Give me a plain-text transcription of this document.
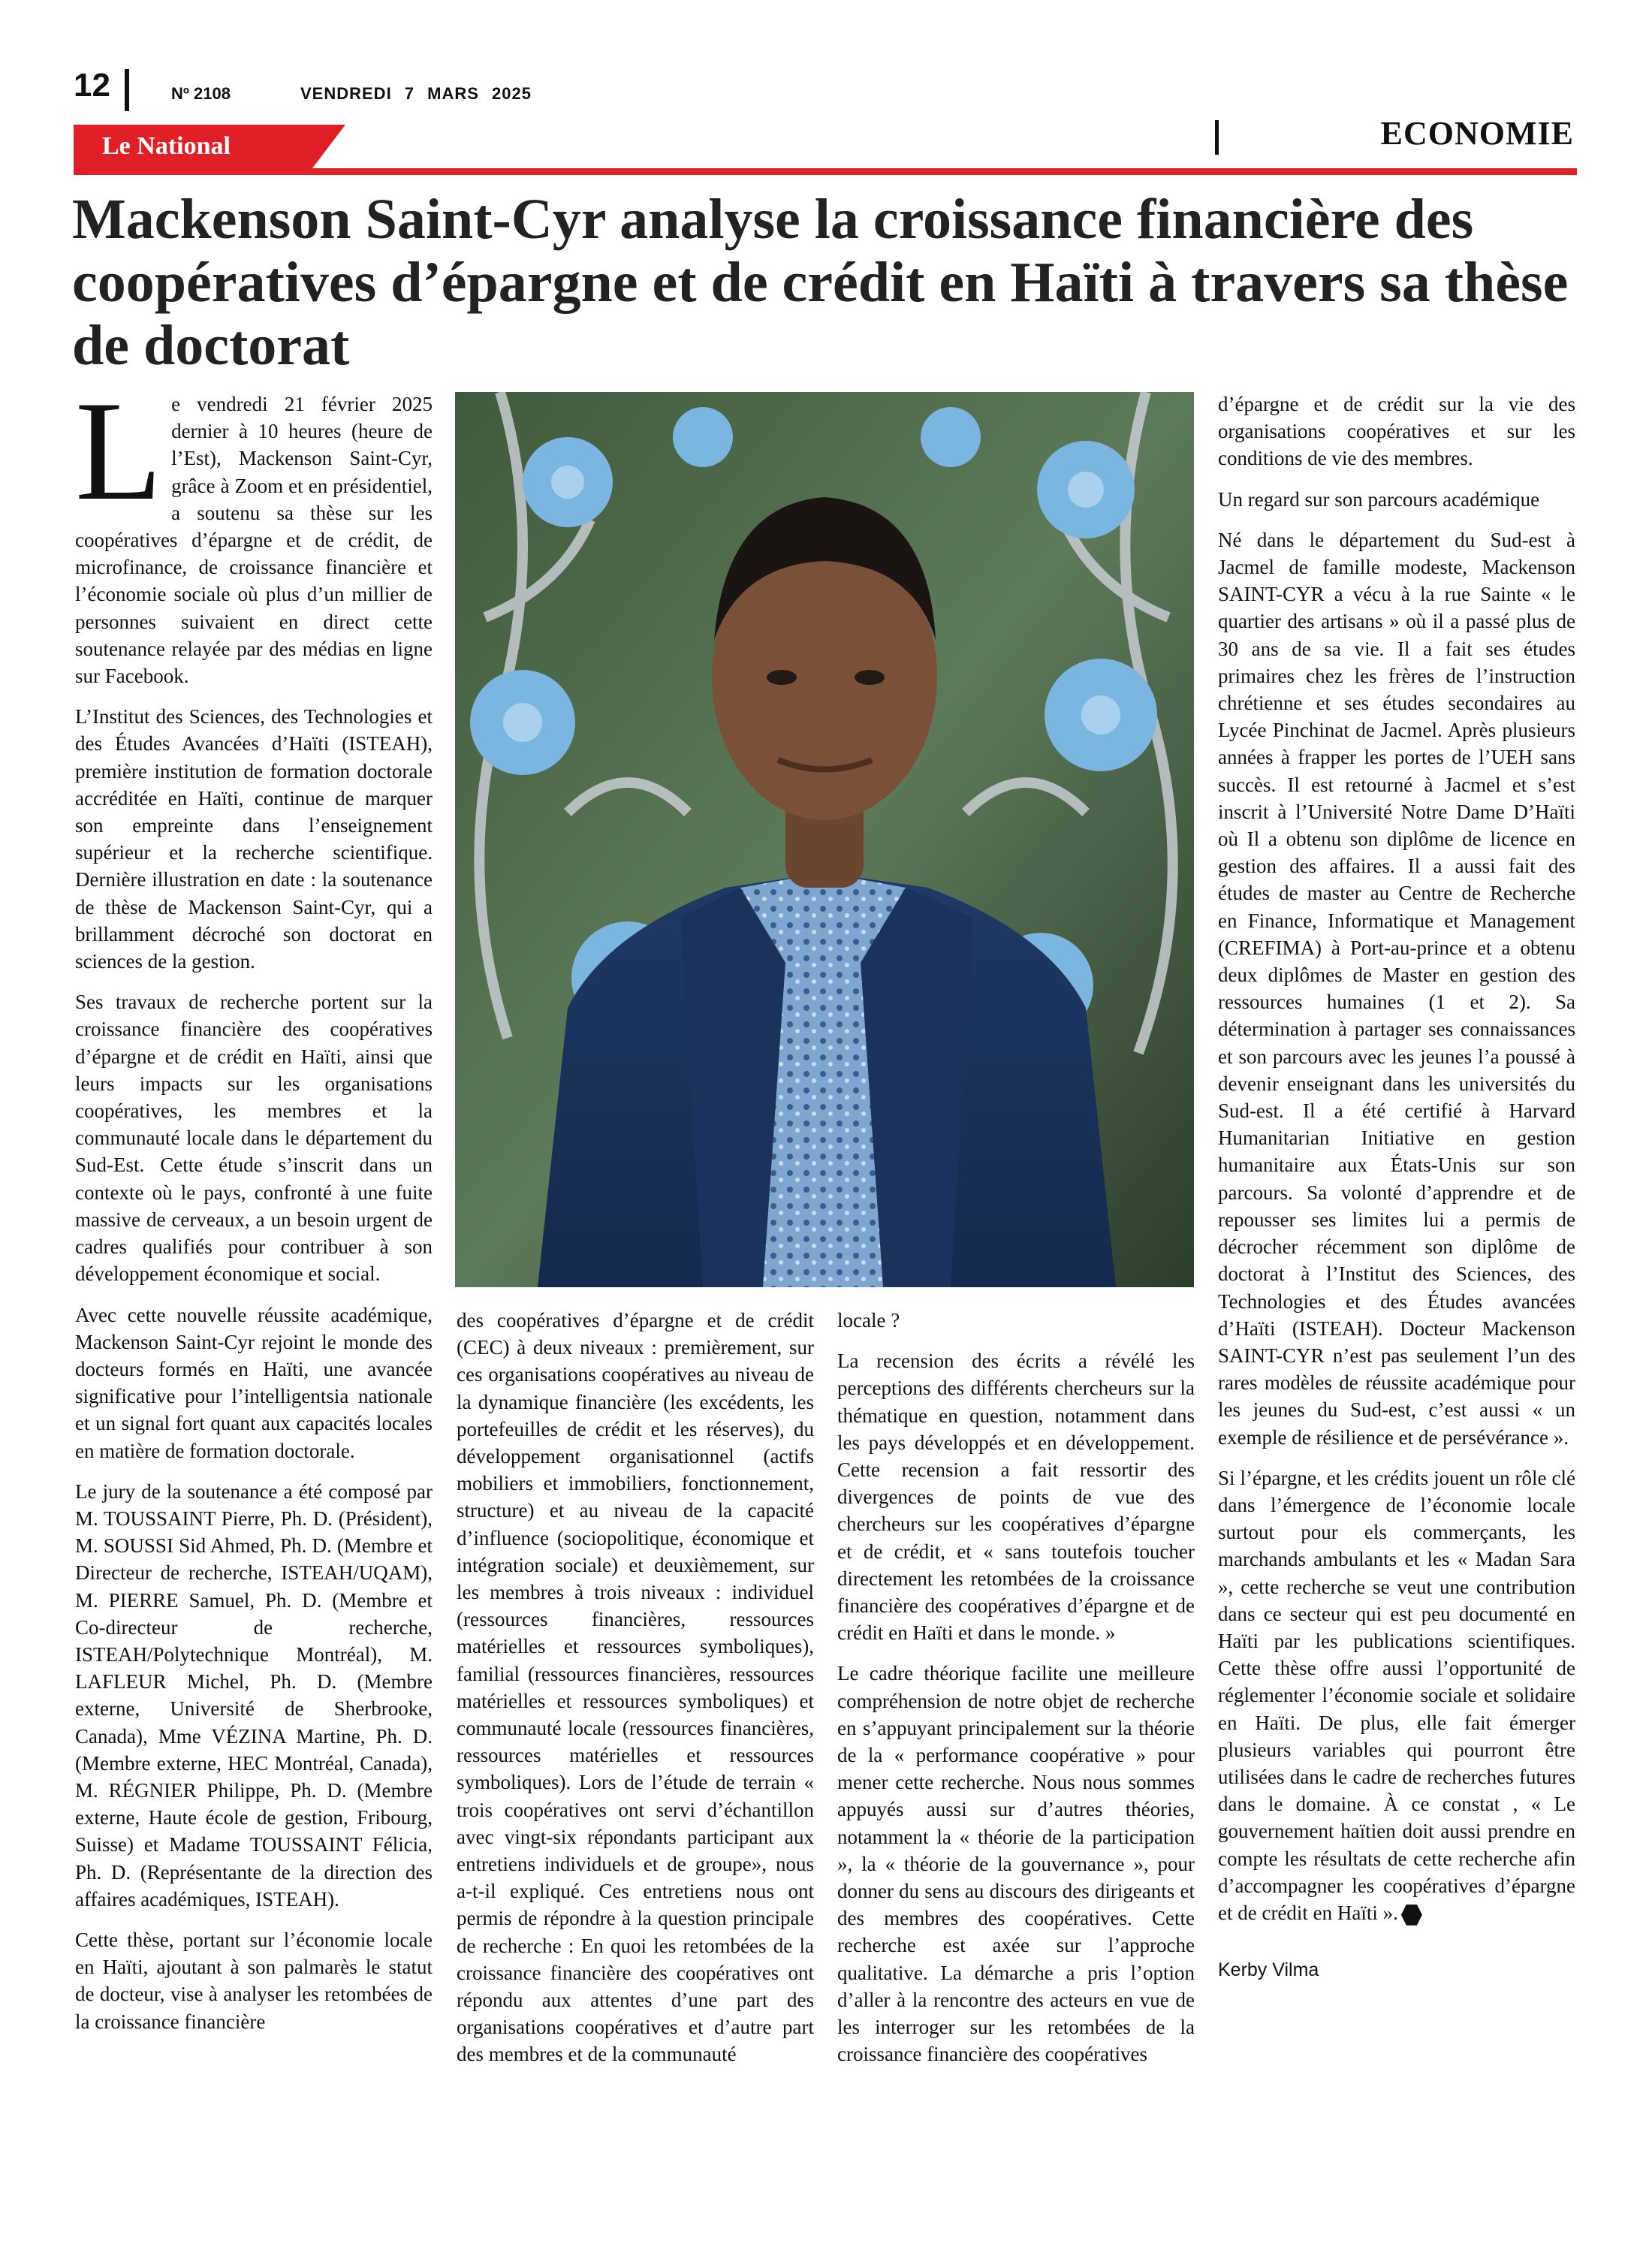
12	Nº 2108	VENDREDI 7 MARS 2025
ECONOMIE
Le National
Mackenson Saint-Cyr analyse la croissance financière des coopératives d’épargne et de crédit en Haïti à travers sa thèse de doctorat

Le vendredi 21 février 2025 dernier à 10 heures (heure de l’Est), Mackenson Saint-Cyr, grâce à Zoom et en présidentiel, a soutenu sa thèse sur les coopératives d’épargne et de crédit, de microfinance, de croissance financière et l’économie sociale où plus d’un millier de personnes suivaient en direct cette soutenance relayée par des médias en ligne sur Facebook.

L’Institut des Sciences, des Technologies et des Études Avancées d’Haïti (ISTEAH), première institution de formation doctorale accréditée en Haïti, continue de marquer son empreinte dans l’enseignement supérieur et la recherche scientifique. Dernière illustration en date : la soutenance de thèse de Mackenson Saint-Cyr, qui a brillamment décroché son doctorat en sciences de la gestion.

Ses travaux de recherche portent sur la croissance financière des coopératives d’épargne et de crédit en Haïti, ainsi que leurs impacts sur les organisations coopératives, les membres et la communauté locale dans le département du Sud-Est. Cette étude s’inscrit dans un contexte où le pays, confronté à une fuite massive de cerveaux, a un besoin urgent de cadres qualifiés pour contribuer à son développement économique et social.

Avec cette nouvelle réussite académique, Mackenson Saint-Cyr rejoint le monde des docteurs formés en Haïti, une avancée significative pour l’intelligentsia nationale et un signal fort quant aux capacités locales en matière de formation doctorale.

Le jury de la soutenance a été composé par M. TOUSSAINT Pierre, Ph. D. (Président), M. SOUSSI Sid Ahmed, Ph. D. (Membre et Directeur de recherche, ISTEAH/UQAM), M. PIERRE Samuel, Ph. D. (Membre et Co-directeur de recherche, ISTEAH/Polytechnique Montréal), M. LAFLEUR Michel, Ph. D. (Membre externe, Université de Sherbrooke, Canada), Mme VÉZINA Martine, Ph. D. (Membre externe, HEC Montréal, Canada), M. RÉGNIER Philippe, Ph. D. (Membre externe, Haute école de gestion, Fribourg, Suisse) et Madame TOUSSAINT Félicia, Ph. D. (Représentante de la direction des affaires académiques, ISTEAH).

Cette thèse, portant sur l’économie locale en Haïti, ajoutant à son palmarès le statut de docteur, vise à analyser les retombées de la croissance financière

des coopératives d’épargne et de crédit (CEC) à deux niveaux : premièrement, sur ces organisations coopératives au niveau de la dynamique financière (les excédents, les portefeuilles de crédit et les réserves), du développement organisationnel (actifs mobiliers et immobiliers, fonctionnement, structure) et au niveau de la capacité d’influence (sociopolitique, économique et intégration sociale) et deuxièmement, sur les membres à trois niveaux : individuel (ressources financières, ressources matérielles et ressources symboliques), familial (ressources financières, ressources matérielles et ressources symboliques) et communauté locale (ressources financières, ressources matérielles et ressources symboliques). Lors de l’étude de terrain « trois coopératives ont servi d’échantillon avec vingt-six répondants participant aux entretiens individuels et de groupe», nous a-t-il expliqué. Ces entretiens nous ont permis de répondre à la question principale de recherche : En quoi les retombées de la croissance financière des coopératives ont répondu aux attentes d’une part des organisations coopératives et d’autre part des membres et de la communauté

locale ?

La recension des écrits a révélé les perceptions des différents chercheurs sur la thématique en question, notamment dans les pays développés et en développement. Cette recension a fait ressortir des divergences de points de vue des chercheurs sur les coopératives d’épargne et de crédit, et « sans toutefois toucher directement les retombées de la croissance financière des coopératives d’épargne et de crédit en Haïti et dans le monde. »

Le cadre théorique facilite une meilleure compréhension de notre objet de recherche en s’appuyant principalement sur la théorie de la « performance coopérative » pour mener cette recherche. Nous nous sommes appuyés aussi sur d’autres théories, notamment la « théorie de la participation », la « théorie de la gouvernance », pour donner du sens au discours des dirigeants et des membres des coopératives. Cette recherche est axée sur l’approche qualitative. La démarche a pris l’option d’aller à la rencontre des acteurs en vue de les interroger sur les retombées de la croissance financière des coopératives

d’épargne et de crédit sur la vie des organisations coopératives et sur les conditions de vie des membres.

Un regard sur son parcours académique

Né dans le département du Sud-est à Jacmel de famille modeste, Mackenson SAINT-CYR a vécu à la rue Sainte « le quartier des artisans » où il a passé plus de 30 ans de sa vie. Il a fait ses études primaires chez les frères de l’instruction chrétienne et ses études secondaires au Lycée Pinchinat de Jacmel. Après plusieurs années à frapper les portes de l’UEH sans succès. Il est retourné à Jacmel et s’est inscrit à l’Université Notre Dame D’Haïti où Il a obtenu son diplôme de licence en gestion des affaires. Il a aussi fait des études de master au Centre de Recherche en Finance, Informatique et Management (CREFIMA) à Port-au-prince et a obtenu deux diplômes de Master en gestion des ressources humaines (1 et 2). Sa détermination à partager ses connaissances et son parcours avec les jeunes l’a poussé à devenir enseignant dans les universités du Sud-est. Il a été certifié à Harvard Humanitarian Initiative en gestion humanitaire aux États-Unis sur son parcours. Sa volonté d’apprendre et de repousser ses limites lui a permis de décrocher récemment son diplôme de doctorat à l’Institut des Sciences, des Technologies et des Études avancées d’Haïti (ISTEAH). Docteur Mackenson SAINT-CYR n’est pas seulement l’un des rares modèles de réussite académique pour les jeunes du Sud-est, c’est aussi « un exemple de résilience et de persévérance ».

Si l’épargne, et les crédits jouent un rôle clé dans l’émergence de l’économie locale surtout pour els commerçants, les marchands ambulants et les « Madan Sara », cette recherche se veut une contribution dans ce secteur qui est peu documenté en Haïti par les publications scientifiques. Cette thèse offre aussi l’opportunité de réglementer l’économie sociale et solidaire en Haïti. De plus, elle fait émerger plusieurs variables qui pourront être utilisées dans le cadre de recherches futures dans le domaine. À ce constat , « Le gouvernement haïtien doit aussi prendre en compte les résultats de cette recherche afin d’accompagner les coopératives d’épargne et de crédit en Haïti ».

Kerby Vilma
